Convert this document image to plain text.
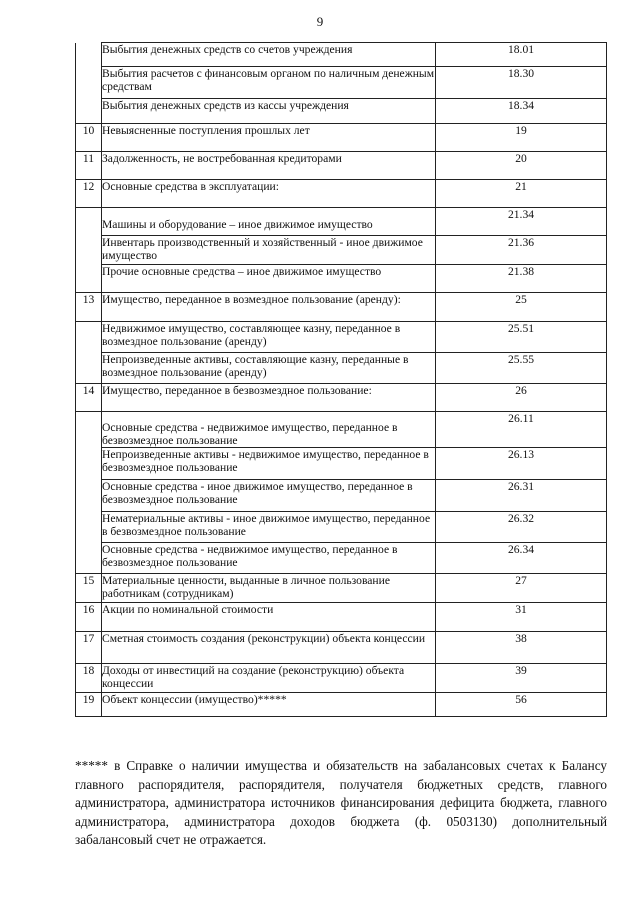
9
	Выбытия денежных средств со счетов учреждения	18.01
	Выбытия расчетов с финансовым органом по наличным денежным средствам	18.30
	Выбытия денежных средств из кассы учреждения	18.34
10	Невыясненные поступления прошлых лет	19
11	Задолженность, не востребованная кредиторами	20
12	Основные средства в эксплуатации:	21
	Машины и оборудование – иное движимое имущество	21.34
	Инвентарь производственный и хозяйственный - иное движимое имущество	21.36
	Прочие основные средства – иное движимое имущество	21.38
13	Имущество, переданное в возмездное пользование (аренду):	25
	Недвижимое имущество, составляющее казну, переданное в возмездное пользование (аренду)	25.51
	Непроизведенные активы, составляющие казну, переданные в возмездное пользование (аренду)	25.55
14	Имущество, переданное в безвозмездное пользование:	26
	Основные средства - недвижимое имущество, переданное в безвозмездное пользование	26.11
	Непроизведенные активы - недвижимое имущество, переданное в безвозмездное пользование	26.13
	Основные средства - иное движимое имущество, переданное в безвозмездное пользование	26.31
	Нематериальные активы - иное движимое имущество, переданное в безвозмездное пользование	26.32
	Основные средства - недвижимое имущество, переданное в безвозмездное пользование	26.34
15	Материальные ценности, выданные в личное пользование работникам (сотрудникам)	27
16	Акции по номинальной стоимости	31
17	Сметная стоимость создания (реконструкции) объекта концессии	38
18	Доходы от инвестиций на создание (реконструкцию) объекта концессии	39
19	Объект концессии (имущество)*****	56
***** в Справке о наличии имущества и обязательств на забалансовых счетах к Балансу главного распорядителя, распорядителя, получателя бюджетных средств, главного администратора, администратора источников финансирования дефицита бюджета, главного администратора, администратора доходов бюджета (ф. 0503130) дополнительный забалансовый счет не отражается.
